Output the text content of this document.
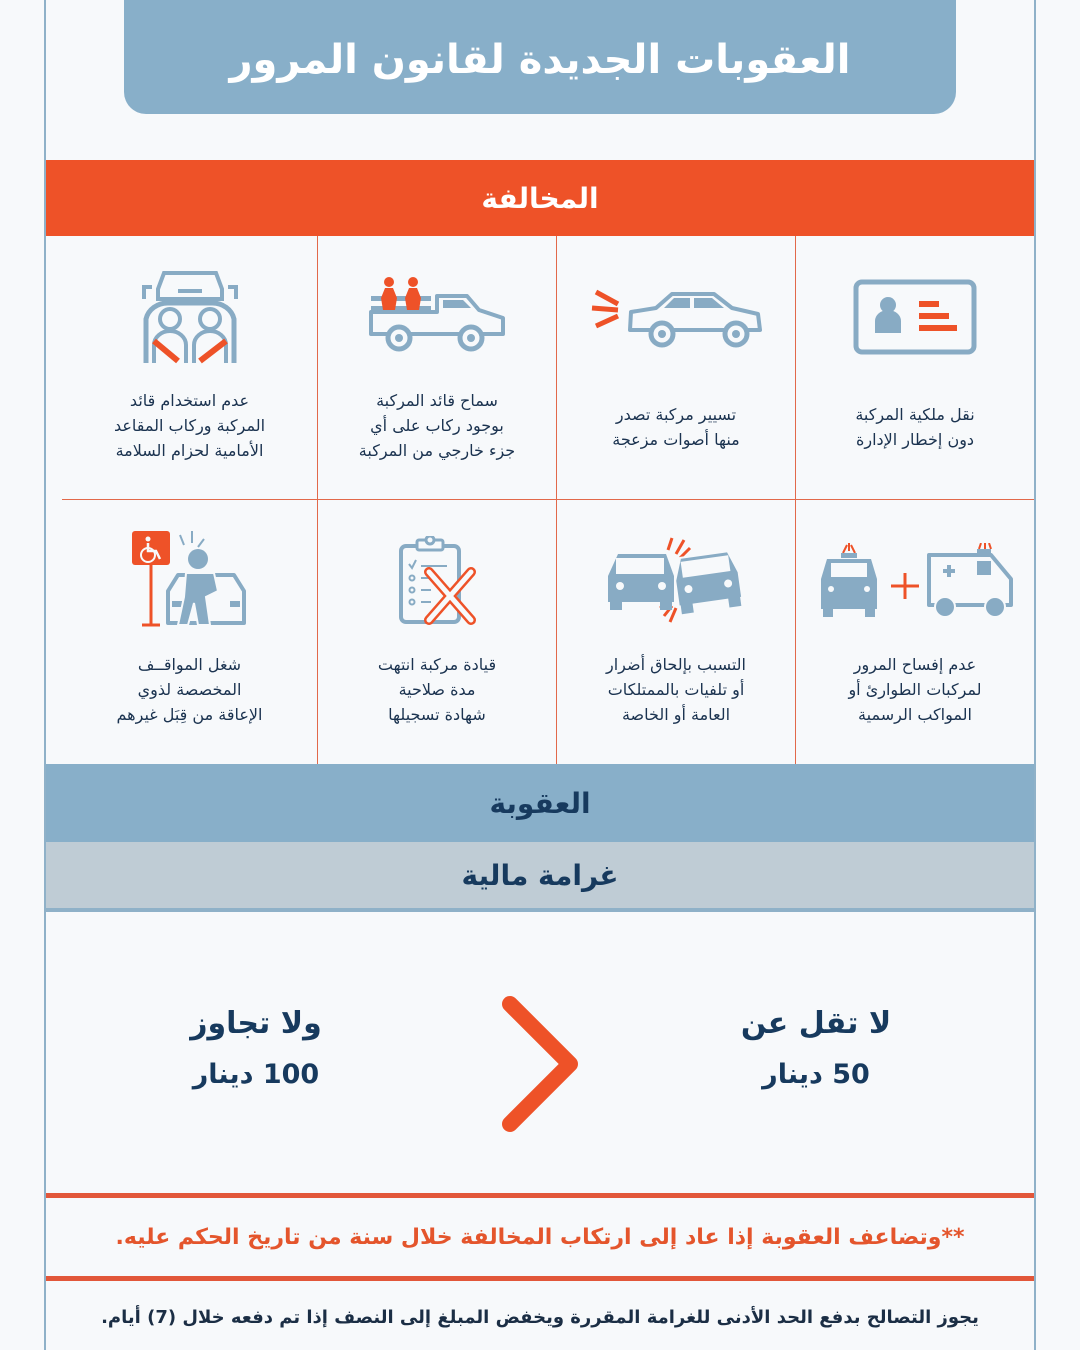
العقوبات الجديدة لقانون المرور
المخالفة
نقل ملكية المركبة
دون إخطار الإدارة
تسيير مركبة تصدر
منها أصوات مزعجة
سماح قائد المركبة
بوجود ركاب على أي
جزء خارجي من المركبة
عدم استخدام قائد
المركبة وركاب المقاعد
الأمامية لحزام السلامة
عدم إفساح المرور
لمركبات الطوارئ أو
المواكب الرسمية
التسبب بإلحاق أضرار
أو تلفيات بالممتلكات
العامة أو الخاصة
قيادة مركبة انتهت
مدة صلاحية
شهادة تسجيلها
شغل المواقــف
المخصصة لذوي
الإعاقة من قِبَل غيرهم
العقوبة
غرامة مالية
لا تقل عن
50 دينار
ولا تجاوز
100 دينار
**وتضاعف العقوبة إذا عاد إلى ارتكاب المخالفة خلال سنة من تاريخ الحكم عليه.
يجوز التصالح بدفع الحد الأدنى للغرامة المقررة ويخفض المبلغ إلى النصف إذا تم دفعه خلال (7) أيام.
